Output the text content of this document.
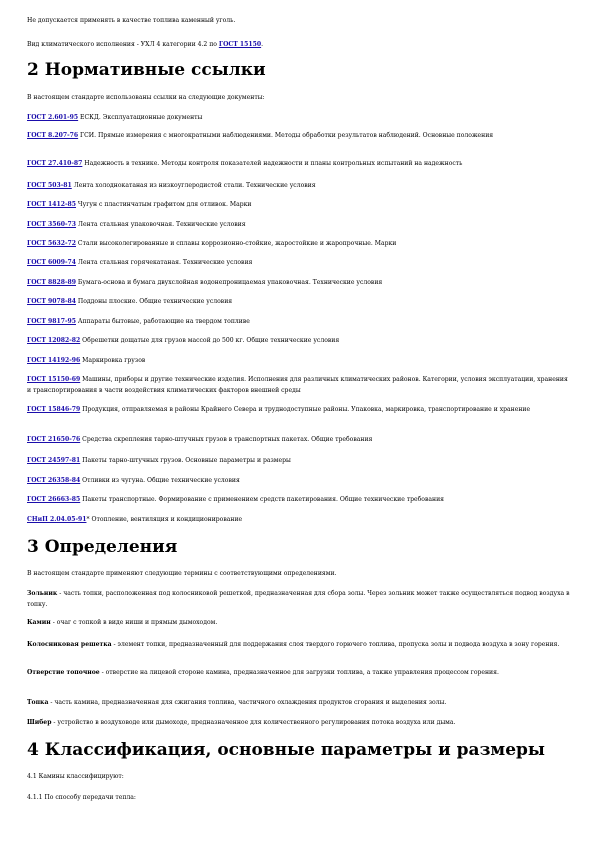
Не допускается применять в качестве топлива каменный уголь.

Вид климатического исполнения - УХЛ 4 категории 4.2 по ГОСТ 15150.

2 Нормативные ссылки

В настоящем стандарте использованы ссылки на следующие документы:

ГОСТ 2.601-95 ЕСКД. Эксплуатационные документы

ГОСТ 8.207-76 ГСИ. Прямые измерения с многократными наблюдениями. Методы обработки результатов наблюдений. Основные положения

ГОСТ 27.410-87 Надежность в технике. Методы контроля показателей надежности и планы контрольных испытаний на надежность

ГОСТ 503-81 Лента холоднокатаная из низкоуглеродистой стали. Технические условия

ГОСТ 1412-85 Чугун с пластинчатым графитом для отливок. Марки

ГОСТ 3560-73 Лента стальная упаковочная. Технические условия

ГОСТ 5632-72 Стали высоколегированные и сплавы коррозионно-стойкие, жаростойкие и жаропрочные. Марки

ГОСТ 6009-74 Лента стальная горячекатаная. Технические условия

ГОСТ 8828-89 Бумага-основа и бумага двухслойная водонепроницаемая упаковочная. Технические условия

ГОСТ 9078-84 Поддоны плоские. Общие технические условия

ГОСТ 9817-95 Аппараты бытовые, работающие на твердом топливе

ГОСТ 12082-82 Обрешетки дощатые для грузов массой до 500 кг. Общие технические условия

ГОСТ 14192-96 Маркировка грузов

ГОСТ 15150-69 Машины, приборы и другие технические изделия. Исполнения для различных климатических районов. Категории, условия эксплуатации, хранения и транспортирования в части воздействия климатических факторов внешней среды

ГОСТ 15846-79 Продукция, отправляемая в районы Крайнего Севера и труднодоступные районы. Упаковка, маркировка, транспортирование и хранение

ГОСТ 21650-76 Средства скрепления тарно-штучных грузов в транспортных пакетах. Общие требования

ГОСТ 24597-81 Пакеты тарно-штучных грузов. Основные параметры и размеры

ГОСТ 26358-84 Отливки из чугуна. Общие технические условия

ГОСТ 26663-85 Пакеты транспортные. Формирование с применением средств пакетирования. Общие технические требования

СНиП 2.04.05-91* Отопление, вентиляция и кондиционирование

3 Определения

В настоящем стандарте применяют следующие термины с соответствующими определениями.

Зольник - часть топки, расположенная под колосниковой решеткой, предназначенная для сбора золы. Через зольник может также осуществляться подвод воздуха в топку.

Камин - очаг с топкой в виде ниши и прямым дымоходом.

Колосниковая решетка - элемент топки, предназначенный для поддержания слоя твердого горючего топлива, пропуска золы и подвода воздуха в зону горения.

Отверстие топочное - отверстие на лицевой стороне камина, предназначенное для загрузки топлива, а также управления процессом горения.

Топка - часть камина, предназначенная для сжигания топлива, частичного охлаждения продуктов сгорания и выделения золы.

Шибер - устройство в воздуховоде или дымоходе, предназначенное для количественного регулирования потока воздуха или дыма.

4 Классификация, основные параметры и размеры

4.1 Камины классифицируют:

4.1.1 По способу передачи тепла:
